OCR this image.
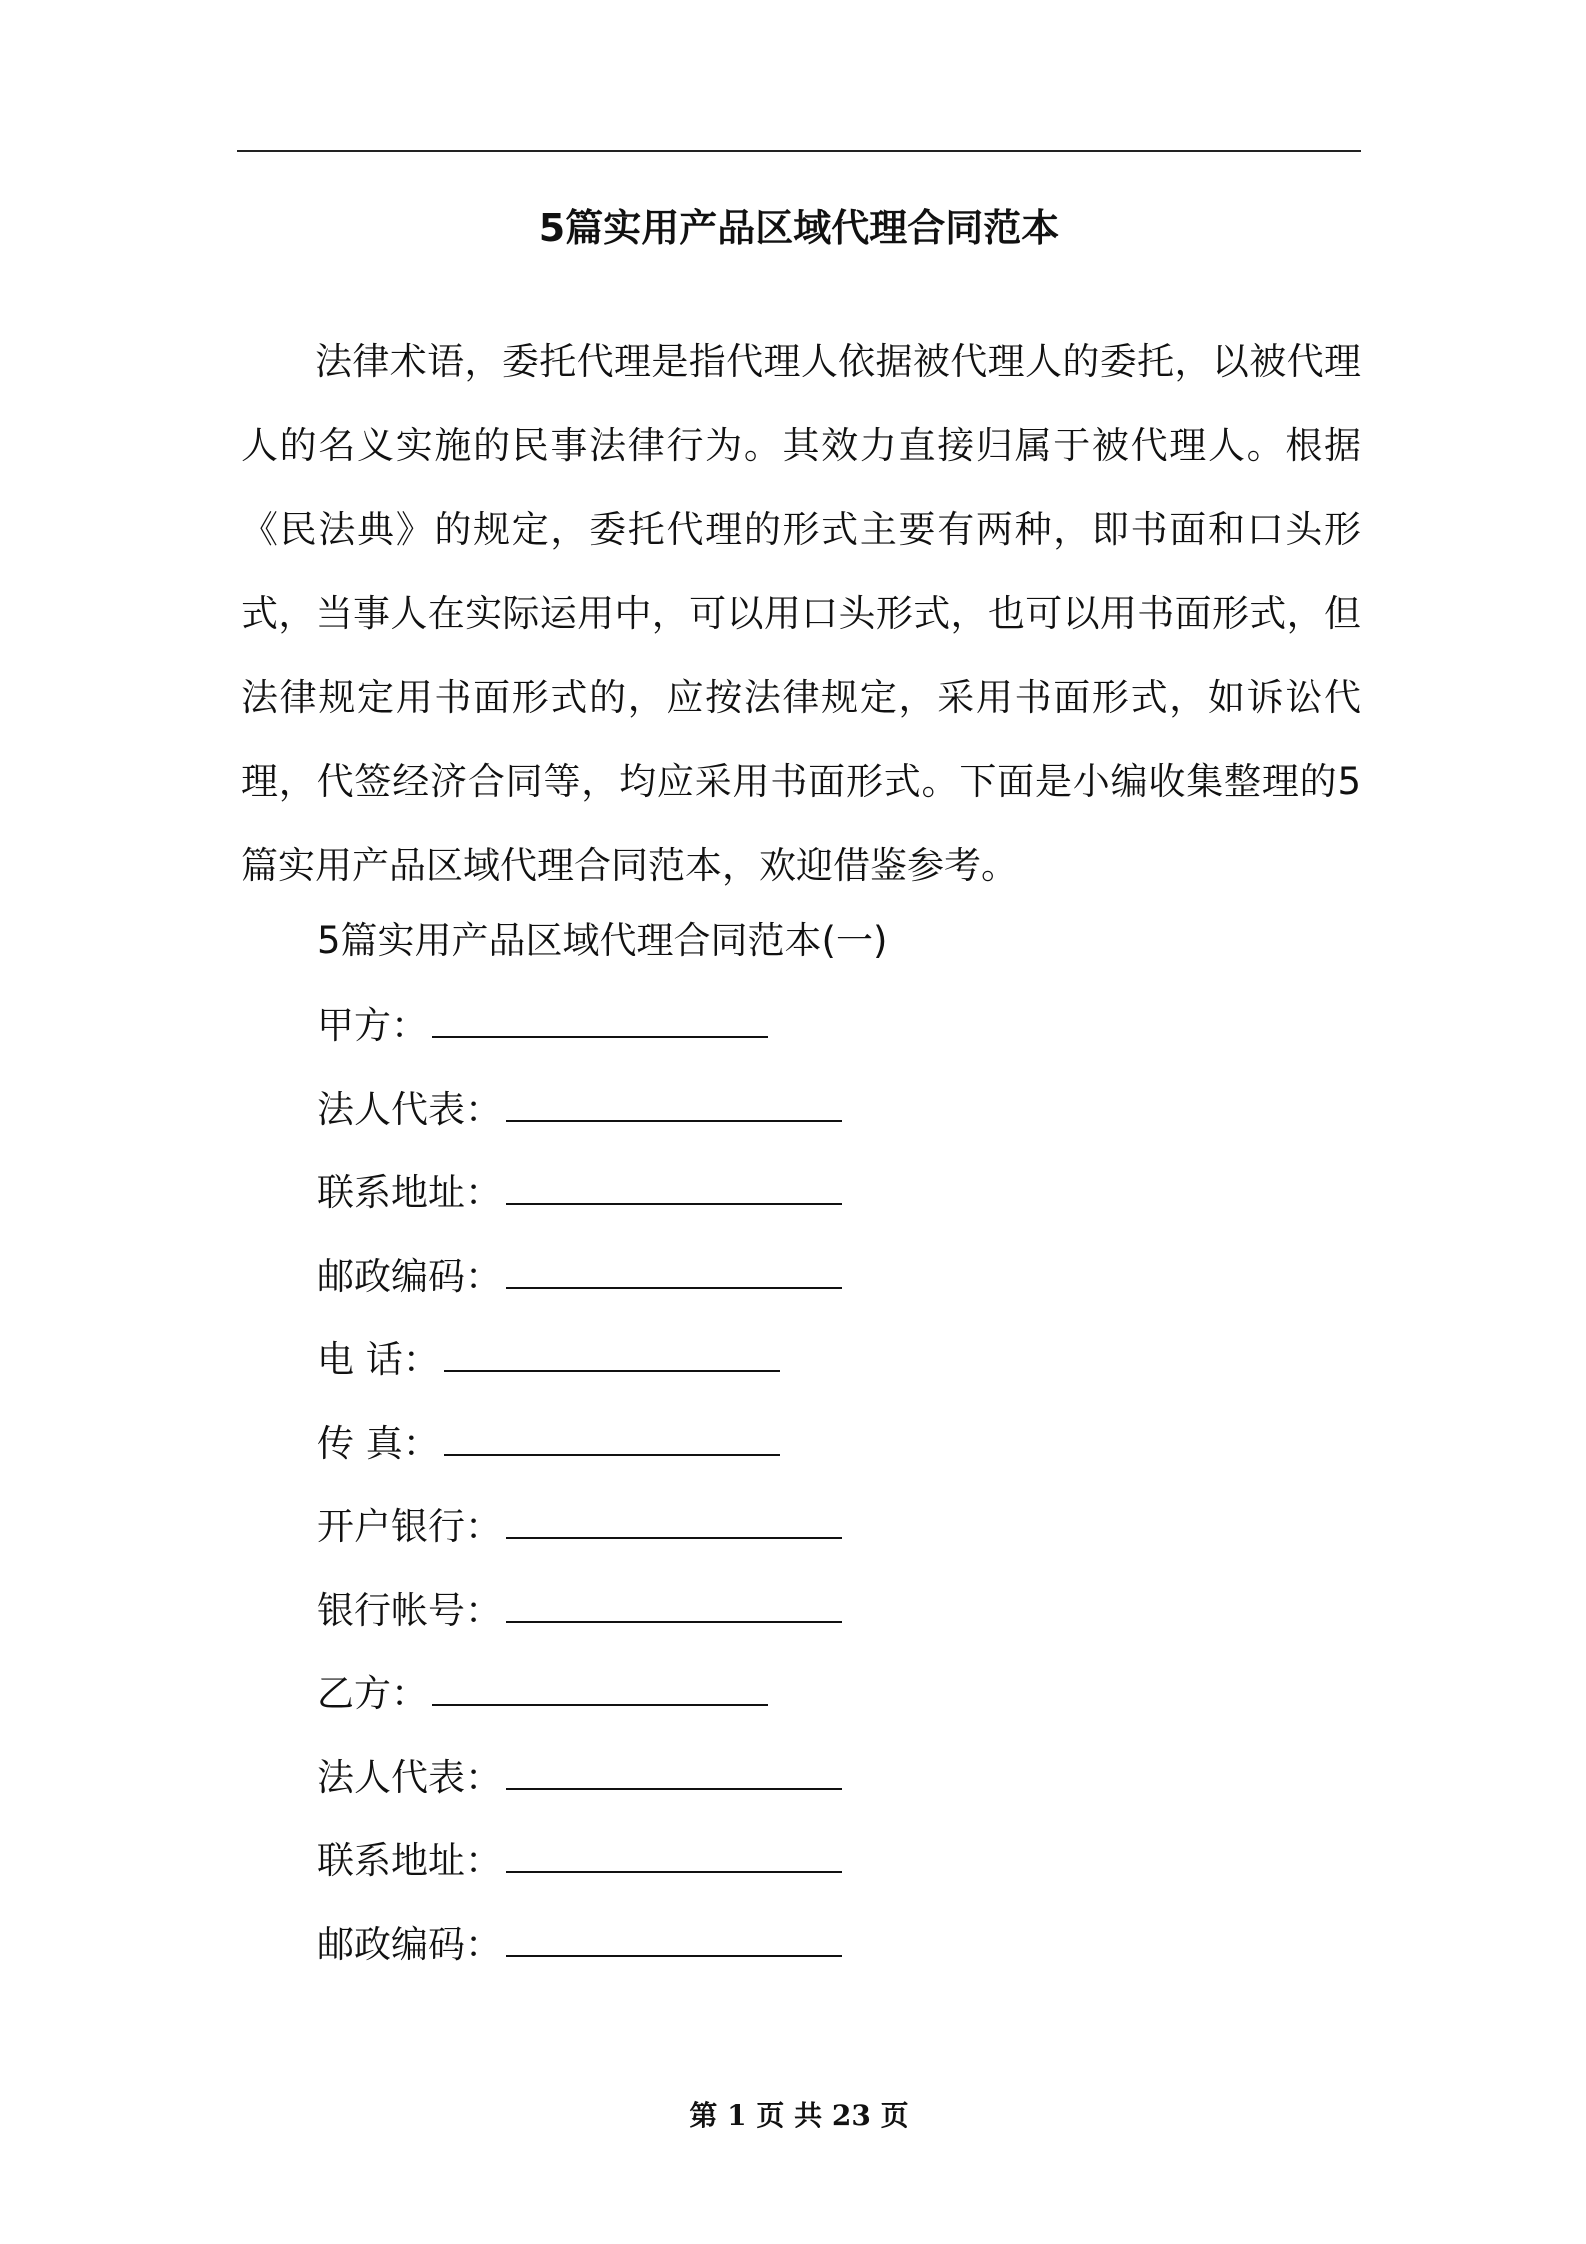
5篇实用产品区域代理合同范本

法律术语，委托代理是指代理人依据被代理人的委托，以被代理人的名义实施的民事法律行为。其效力直接归属于被代理人。根据《民法典》的规定，委托代理的形式主要有两种，即书面和口头形式，当事人在实际运用中，可以用口头形式，也可以用书面形式，但法律规定用书面形式的，应按法律规定，采用书面形式，如诉讼代理，代签经济合同等，均应采用书面形式。下面是小编收集整理的5篇实用产品区域代理合同范本，欢迎借鉴参考。

5篇实用产品区域代理合同范本(一)

甲方：

法人代表：

联系地址：

邮政编码：

电 话：

传 真：

开户银行：

银行帐号：

乙方：

法人代表：

联系地址：

邮政编码：

第 1 页 共 23 页
